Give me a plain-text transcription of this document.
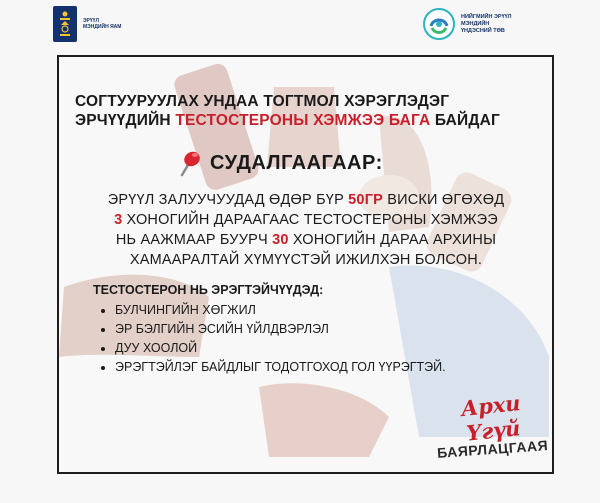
ЭРҮҮЛ
МЭНДИЙН ЯАМ
НИЙГМИЙН ЭРҮҮЛ МЭНДИЙН
ҮНДЭСНИЙ ТӨВ
СОГТУУРУУЛАХ УНДАА ТОГТМОЛ ХЭРЭГЛЭДЭГ
ЭРЧҮҮДИЙН ТЕСТОСТЕРОНЫ ХЭМЖЭЭ БАГА БАЙДАГ
СУДАЛГААГААР:
ЭРҮҮЛ ЗАЛУУЧУУДАД ӨДӨР БҮР 50ГР ВИСКИ ӨГӨХӨД
3 ХОНОГИЙН ДАРААГААС ТЕСТОСТЕРОНЫ ХЭМЖЭЭ
НЬ ААЖМААР БУУРЧ 30 ХОНОГИЙН ДАРАА АРХИНЫ
ХАМААРАЛТАЙ ХҮМҮҮСТЭЙ ИЖИЛХЭН БОЛСОН.
ТЕСТОСТЕРОН НЬ ЭРЭГТЭЙЧҮҮДЭД:
• БУЛЧИНГИЙН ХӨГЖИЛ
• ЭР БЭЛГИЙН ЭСИЙН ҮЙЛДВЭРЛЭЛ
• ДУУ ХООЛОЙ
• ЭРЭГТЭЙЛЭГ БАЙДЛЫГ ТОДОТГОХОД ГОЛ ҮҮРЭГТЭЙ.
Архи Үгүй
БАЯРЛАЦГААЯ
